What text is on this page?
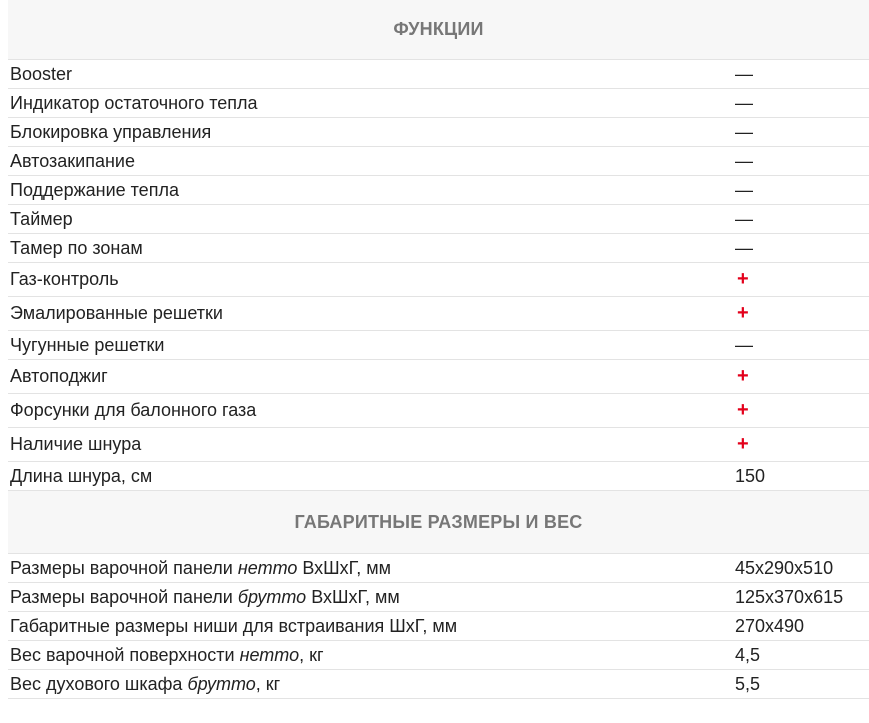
ФУНКЦИИ
Booster	—
Индикатор остаточного тепла	—
Блокировка управления	—
Автозакипание	—
Поддержание тепла	—
Таймер	—
Тамер по зонам	—
Газ-контроль	+
Эмалированные решетки	+
Чугунные решетки	—
Автоподжиг	+
Форсунки для балонного газа	+
Наличие шнура	+
Длина шнура, см	150
ГАБАРИТНЫЕ РАЗМЕРЫ И ВЕС
Размеры варочной панели нетто ВхШхГ, мм	45x290x510
Размеры варочной панели брутто ВхШхГ, мм	125x370x615
Габаритные размеры ниши для встраивания ШхГ, мм	270x490
Вес варочной поверхности нетто, кг	4,5
Вес духового шкафа брутто, кг	5,5
